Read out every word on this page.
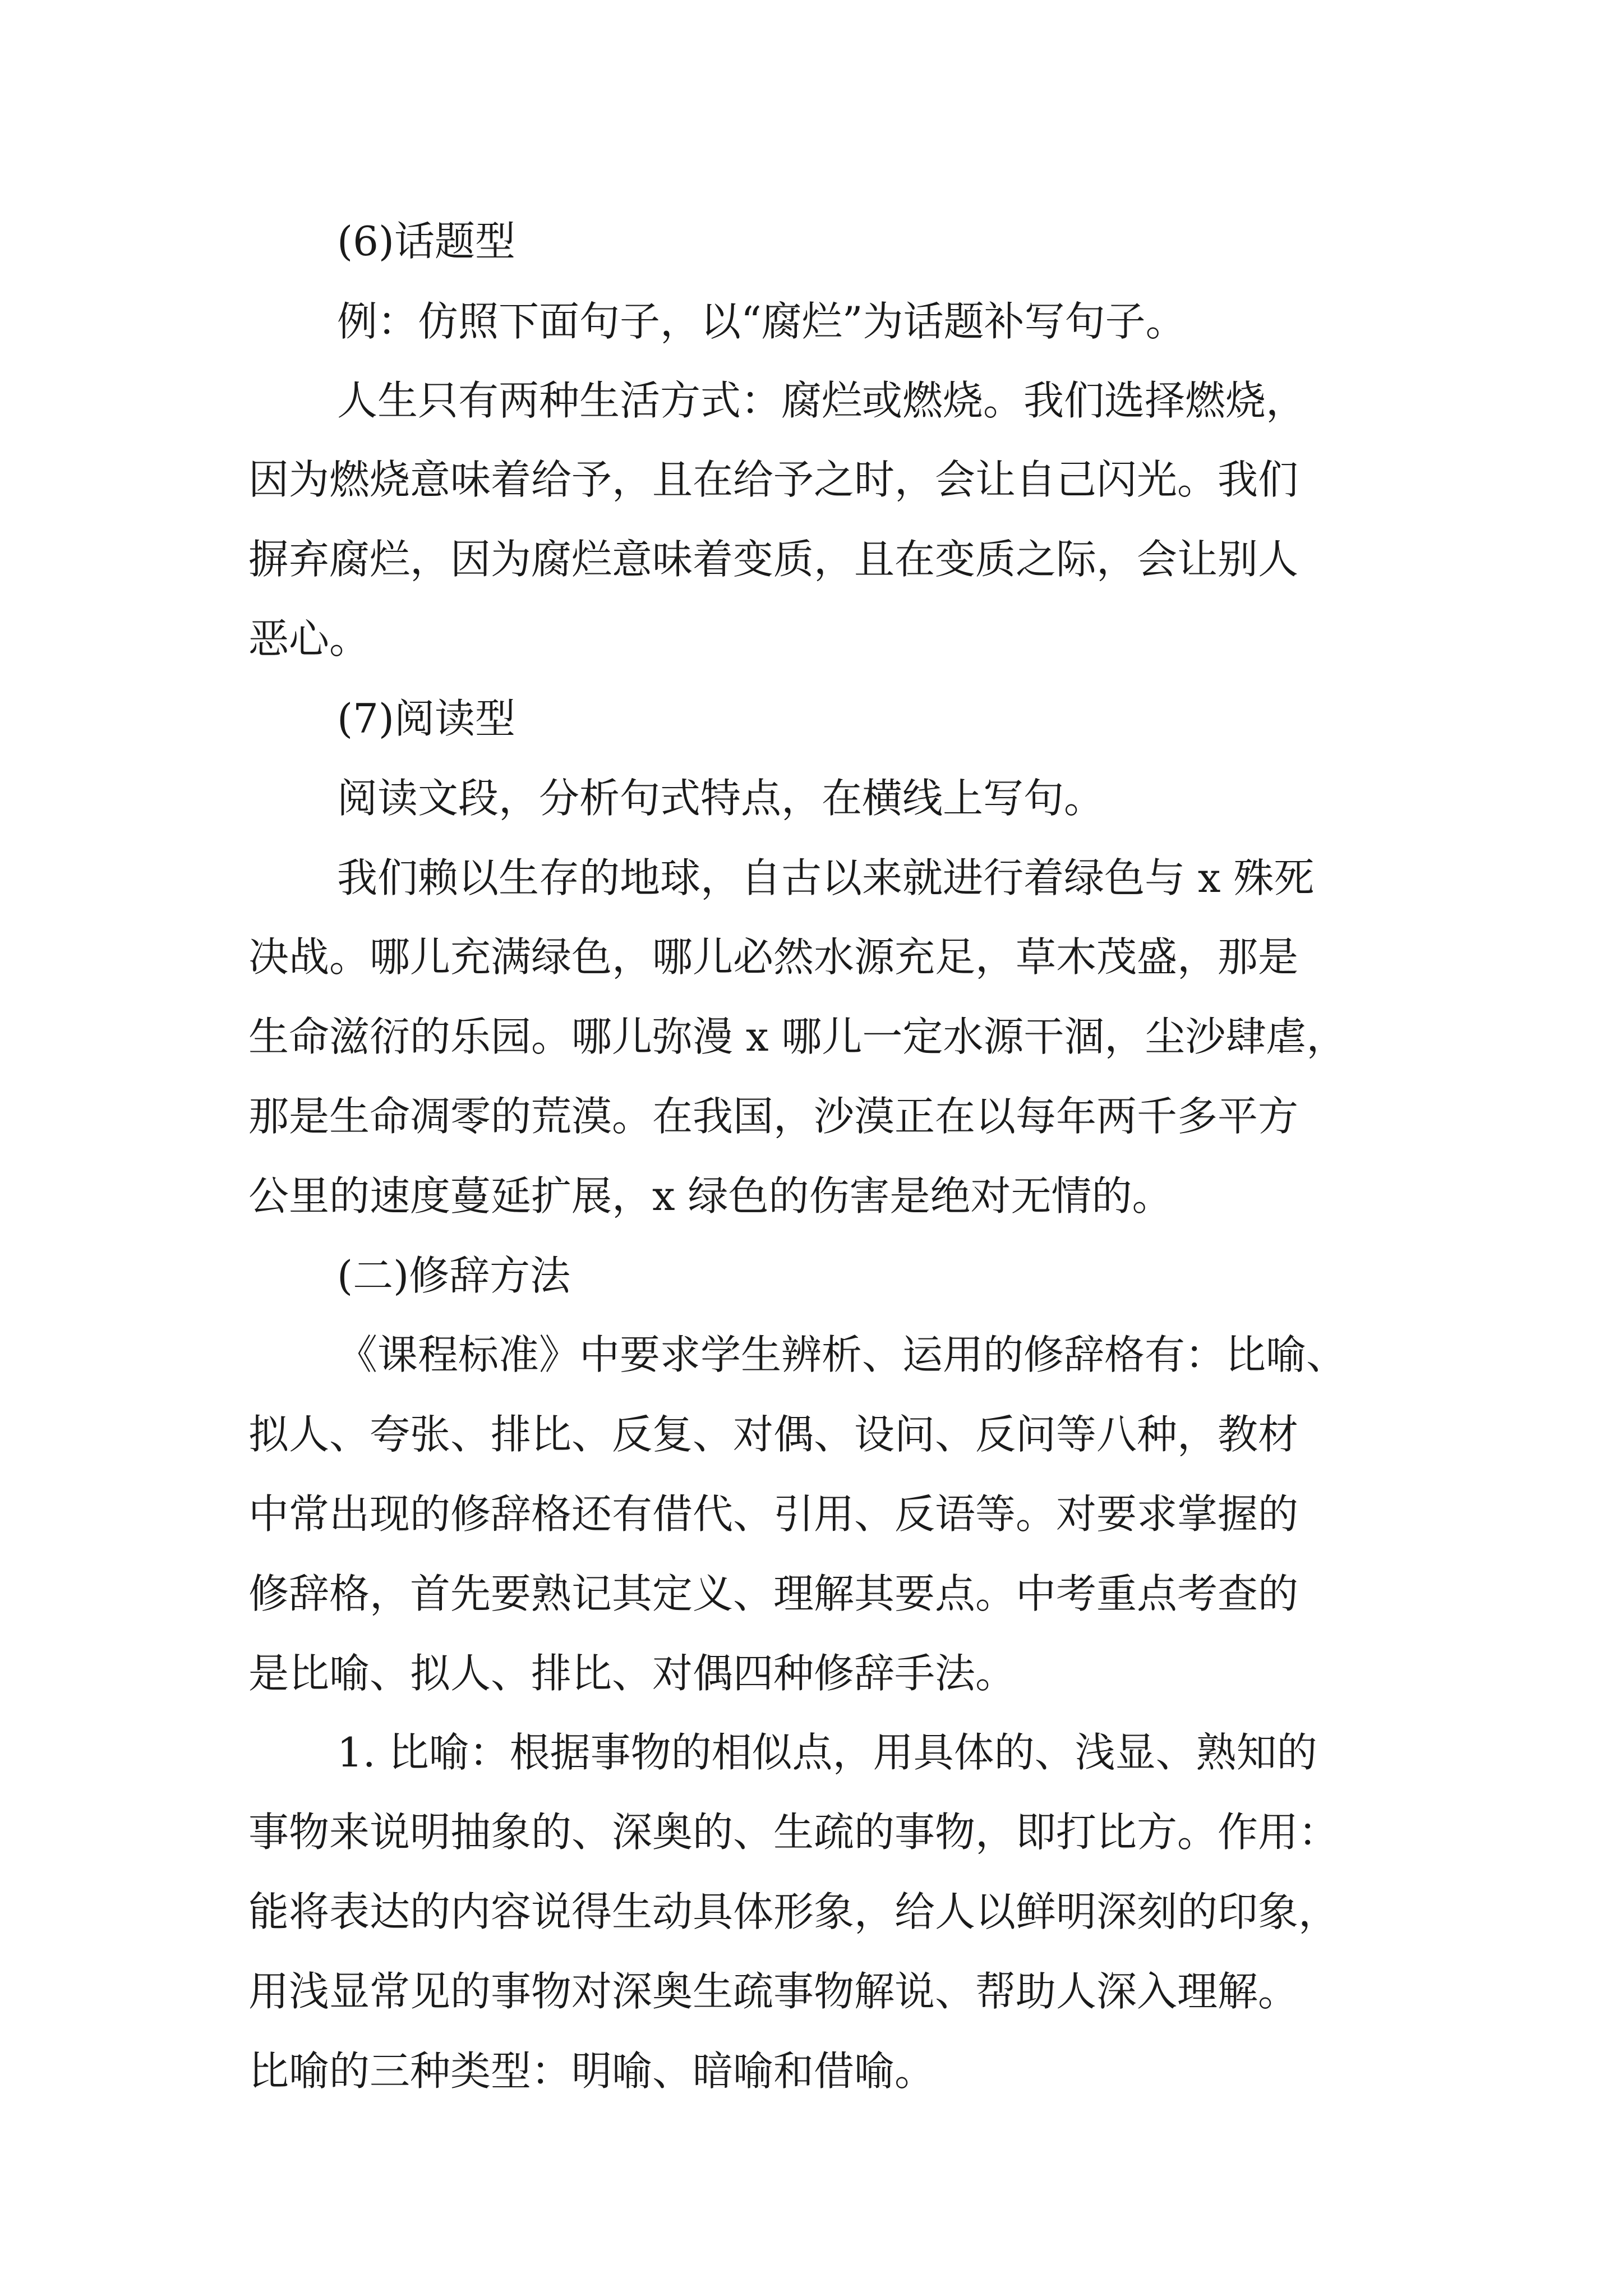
(6)话题型

例：仿照下面句子，以“腐烂”为话题补写句子。

人生只有两种生活方式：腐烂或燃烧。我们选择燃烧，

因为燃烧意味着给予，且在给予之时，会让自己闪光。我们

摒弃腐烂，因为腐烂意味着变质，且在变质之际，会让别人

恶心。

(7)阅读型

阅读文段，分析句式特点，在横线上写句。

我们赖以生存的地球，自古以来就进行着绿色与 x 殊死

决战。哪儿充满绿色，哪儿必然水源充足，草木茂盛，那是

生命滋衍的乐园。哪儿弥漫 x 哪儿一定水源干涸，尘沙肆虐，

那是生命凋零的荒漠。在我国，沙漠正在以每年两千多平方

公里的速度蔓延扩展，x 绿色的伤害是绝对无情的。

(二)修辞方法

《课程标准》中要求学生辨析、运用的修辞格有：比喻、

拟人、夸张、排比、反复、对偶、设问、反问等八种，教材

中常出现的修辞格还有借代、引用、反语等。对要求掌握的

修辞格，首先要熟记其定义、理解其要点。中考重点考查的

是比喻、拟人、排比、对偶四种修辞手法。

1. 比喻：根据事物的相似点，用具体的、浅显、熟知的

事物来说明抽象的、深奥的、生疏的事物，即打比方。作用：

能将表达的内容说得生动具体形象，给人以鲜明深刻的印象，

用浅显常见的事物对深奥生疏事物解说、帮助人深入理解。

比喻的三种类型：明喻、暗喻和借喻。
